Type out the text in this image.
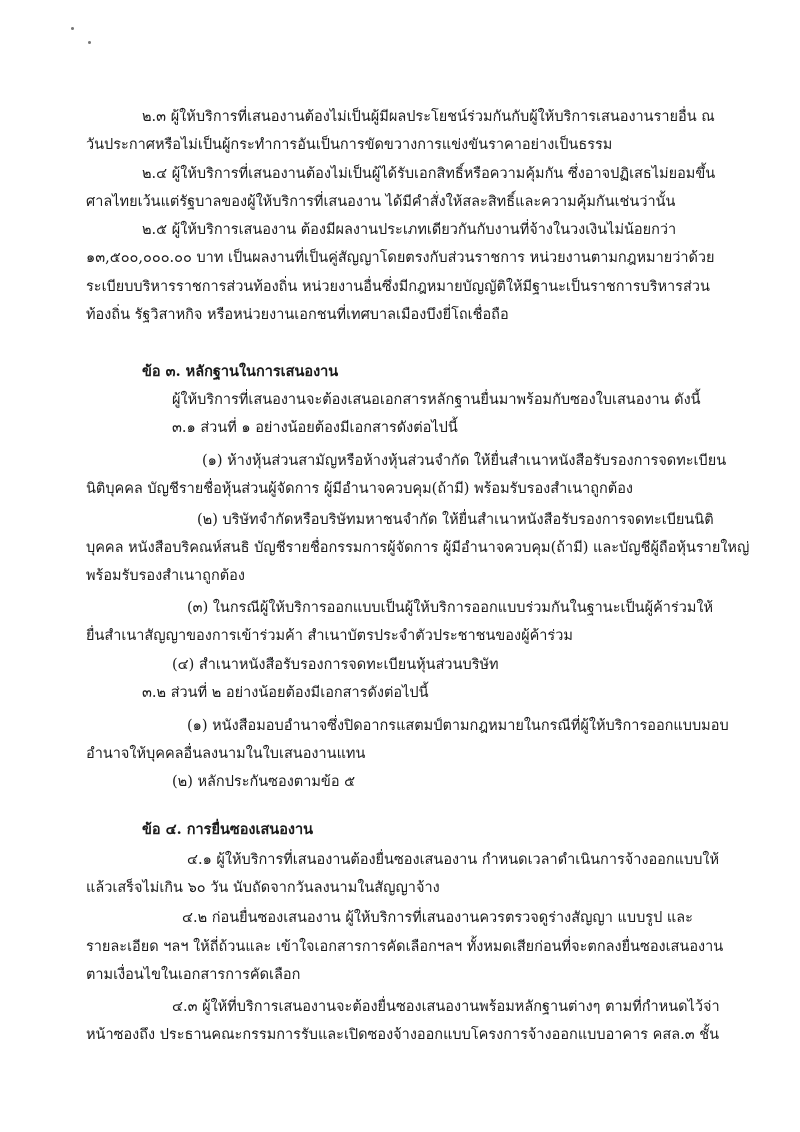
๒.๓ ผู้ให้บริการที่เสนองานต้องไม่เป็นผู้มีผลประโยชน์ร่วมกันกับผู้ให้บริการเสนองานรายอื่น ณ
วันประกาศหรือไม่เป็นผู้กระทำการอันเป็นการขัดขวางการแข่งขันราคาอย่างเป็นธรรม
๒.๔ ผู้ให้บริการที่เสนองานต้องไม่เป็นผู้ได้รับเอกสิทธิ์หรือความคุ้มกัน ซึ่งอาจปฏิเสธไม่ยอมขึ้น
ศาลไทยเว้นแต่รัฐบาลของผู้ให้บริการที่เสนองาน ได้มีคำสั่งให้สละสิทธิ์และความคุ้มกันเช่นว่านั้น
๒.๕ ผู้ให้บริการเสนองาน ต้องมีผลงานประเภทเดียวกันกับงานที่จ้างในวงเงินไม่น้อยกว่า
๑๓,๕๐๐,๐๐๐.๐๐ บาท เป็นผลงานที่เป็นคู่สัญญาโดยตรงกับส่วนราชการ หน่วยงานตามกฎหมายว่าด้วย
ระเบียบบริหารราชการส่วนท้องถิ่น หน่วยงานอื่นซึ่งมีกฎหมายบัญญัติให้มีฐานะเป็นราชการบริหารส่วน
ท้องถิ่น รัฐวิสาหกิจ หรือหน่วยงานเอกชนที่เทศบาลเมืองบึงยี่โถเชื่อถือ
ข้อ ๓. หลักฐานในการเสนองาน
ผู้ให้บริการที่เสนองานจะต้องเสนอเอกสารหลักฐานยื่นมาพร้อมกับซองใบเสนองาน ดังนี้
๓.๑ ส่วนที่ ๑ อย่างน้อยต้องมีเอกสารดังต่อไปนี้
(๑) ห้างหุ้นส่วนสามัญหรือห้างหุ้นส่วนจำกัด ให้ยื่นสำเนาหนังสือรับรองการจดทะเบียน
นิติบุคคล บัญชีรายชื่อหุ้นส่วนผู้จัดการ ผู้มีอำนาจควบคุม(ถ้ามี) พร้อมรับรองสำเนาถูกต้อง
(๒) บริษัทจำกัดหรือบริษัทมหาชนจำกัด ให้ยื่นสำเนาหนังสือรับรองการจดทะเบียนนิติ
บุคคล หนังสือบริคณห์สนธิ บัญชีรายชื่อกรรมการผู้จัดการ ผู้มีอำนาจควบคุม(ถ้ามี) และบัญชีผู้ถือหุ้นรายใหญ่
พร้อมรับรองสำเนาถูกต้อง
(๓) ในกรณีผู้ให้บริการออกแบบเป็นผู้ให้บริการออกแบบร่วมกันในฐานะเป็นผู้ค้าร่วมให้
ยื่นสำเนาสัญญาของการเข้าร่วมค้า สำเนาบัตรประจำตัวประชาชนของผู้ค้าร่วม
(๔) สำเนาหนังสือรับรองการจดทะเบียนหุ้นส่วนบริษัท
๓.๒ ส่วนที่ ๒ อย่างน้อยต้องมีเอกสารดังต่อไปนี้
(๑) หนังสือมอบอำนาจซึ่งปิดอากรแสตมป์ตามกฎหมายในกรณีที่ผู้ให้บริการออกแบบมอบ
อำนาจให้บุคคลอื่นลงนามในใบเสนองานแทน
(๒) หลักประกันซองตามข้อ ๕
ข้อ ๔. การยื่นซองเสนองาน
๔.๑ ผู้ให้บริการที่เสนองานต้องยื่นซองเสนองาน กำหนดเวลาดำเนินการจ้างออกแบบให้
แล้วเสร็จไม่เกิน ๖๐ วัน นับถัดจากวันลงนามในสัญญาจ้าง
๔.๒ ก่อนยื่นซองเสนองาน ผู้ให้บริการที่เสนองานควรตรวจดูร่างสัญญา แบบรูป และ
รายละเอียด ฯลฯ ให้ถี่ถ้วนและ เข้าใจเอกสารการคัดเลือกฯลฯ ทั้งหมดเสียก่อนที่จะตกลงยื่นซองเสนองาน
ตามเงื่อนไขในเอกสารการคัดเลือก
๔.๓ ผู้ให้ที่บริการเสนองานจะต้องยื่นซองเสนองานพร้อมหลักฐานต่างๆ ตามที่กำหนดไว้จ่า
หน้าซองถึง ประธานคณะกรรมการรับและเปิดซองจ้างออกแบบโครงการจ้างออกแบบอาคาร คสล.๓ ชั้น
